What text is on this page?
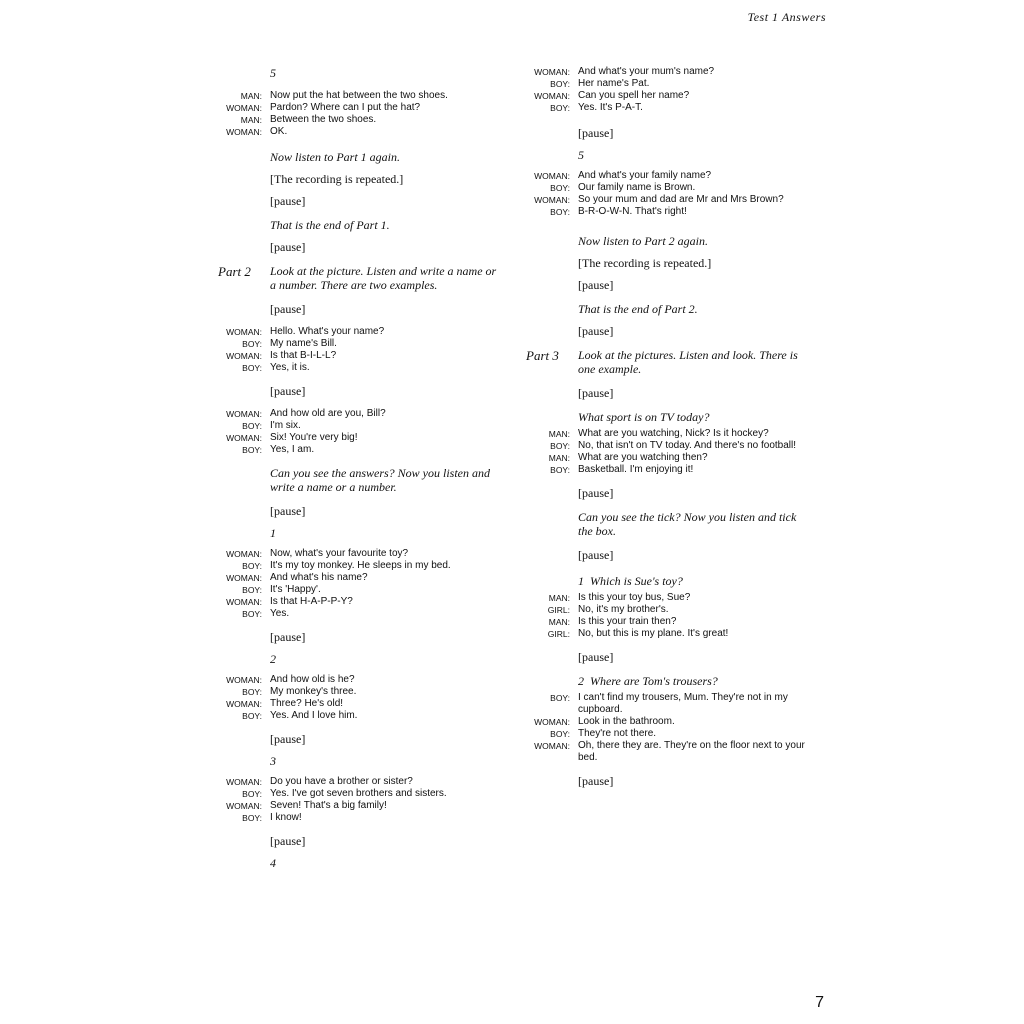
Test 1 Answers
5
MAN: Now put the hat between the two shoes.
WOMAN: Pardon? Where can I put the hat?
MAN: Between the two shoes.
WOMAN: OK.
Now listen to Part 1 again.
[The recording is repeated.]
[pause]
That is the end of Part 1.
[pause]
Part 2	Look at the picture. Listen and write a name or a number. There are two examples.
[pause]
WOMAN: Hello. What's your name?
BOY: My name's Bill.
WOMAN: Is that B-I-L-L?
BOY: Yes, it is.
[pause]
WOMAN: And how old are you, Bill?
BOY: I'm six.
WOMAN: Six! You're very big!
BOY: Yes, I am.
Can you see the answers? Now you listen and write a name or a number.
[pause]
1
WOMAN: Now, what's your favourite toy?
BOY: It's my toy monkey. He sleeps in my bed.
WOMAN: And what's his name?
BOY: It's 'Happy'.
WOMAN: Is that H-A-P-P-Y?
BOY: Yes.
[pause]
2
WOMAN: And how old is he?
BOY: My monkey's three.
WOMAN: Three? He's old!
BOY: Yes. And I love him.
[pause]
3
WOMAN: Do you have a brother or sister?
BOY: Yes. I've got seven brothers and sisters.
WOMAN: Seven! That's a big family!
BOY: I know!
[pause]
4
WOMAN: And what's your mum's name?
BOY: Her name's Pat.
WOMAN: Can you spell her name?
BOY: Yes. It's P-A-T.
[pause]
5
WOMAN: And what's your family name?
BOY: Our family name is Brown.
WOMAN: So your mum and dad are Mr and Mrs Brown?
BOY: B-R-O-W-N. That's right!
Now listen to Part 2 again.
[The recording is repeated.]
[pause]
That is the end of Part 2.
[pause]
Part 3	Look at the pictures. Listen and look. There is one example.
[pause]
What sport is on TV today?
MAN: What are you watching, Nick? Is it hockey?
BOY: No, that isn't on TV today. And there's no football!
MAN: What are you watching then?
BOY: Basketball. I'm enjoying it!
[pause]
Can you see the tick? Now you listen and tick the box.
[pause]
1  Which is Sue's toy?
MAN: Is this your toy bus, Sue?
GIRL: No, it's my brother's.
MAN: Is this your train then?
GIRL: No, but this is my plane. It's great!
[pause]
2  Where are Tom's trousers?
BOY: I can't find my trousers, Mum. They're not in my cupboard.
WOMAN: Look in the bathroom.
BOY: They're not there.
WOMAN: Oh, there they are. They're on the floor next to your bed.
[pause]
7
